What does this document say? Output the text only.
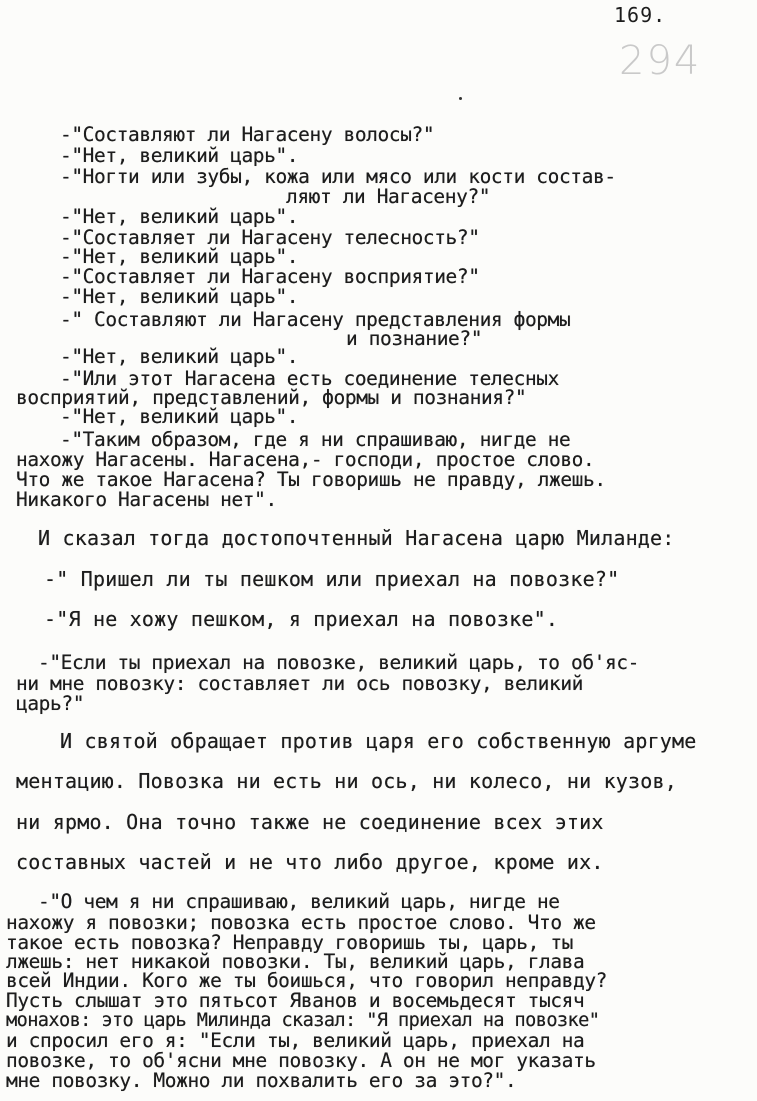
169.
294
-"Составляют ли Нагасену волосы?"
-"Нет, великий царь".
-"Ногти или зубы, кожа или мясо или кости состав-
ляют ли Нагасену?"
-"Нет, великий царь".
-"Составляет ли Нагасену телесность?"
-"Нет, великий царь".
-"Составляет ли Нагасену восприятие?"
-"Нет, великий царь".
-" Составляют ли Нагасену представления формы
и познание?"
-"Нет, великий царь".
-"Или этот Нагасена есть соединение телесных
восприятий, представлений, формы и познания?"
-"Нет, великий царь".
-"Таким образом, где я ни спрашиваю, нигде не
нахожу Нагасены. Нагасена,- господи, простое слово.
Что же такое Нагасена? Ты говоришь не правду, лжешь.
Никакого Нагасены нет".
И сказал тогда достопочтенный Нагасена царю Миланде:
-" Пришел ли ты пешком или приехал на повозке?"
-"Я не хожу пешком, я приехал на повозке".
-"Если ты приехал на повозке, великий царь, то об'яс-
ни мне повозку: составляет ли ось повозку, великий
царь?"
И святой обращает против царя его собственную аргуме
ментацию. Повозка ни есть ни ось, ни колесо, ни кузов,
ни ярмо. Она точно также не соединение всех этих
составных частей и не что либо другое, кроме их.
-"О чем я ни спрашиваю, великий царь, нигде не
нахожу я повозки; повозка есть простое слово. Что же
такое есть повозка? Неправду говоришь ты, царь, ты
лжешь: нет никакой повозки. Ты, великий царь, глава
всей Индии. Кого же ты боишься, что говорил неправду?
Пусть слышат это пятьсот Яванов и восемьдесят тысяч
монахов: это царь Милинда сказал: "Я приехал на повозке"
и спросил его я: "Если ты, великий царь, приехал на
повозке, то об'ясни мне повозку. А он не мог указать
мне повозку. Можно ли похвалить его за это?".
